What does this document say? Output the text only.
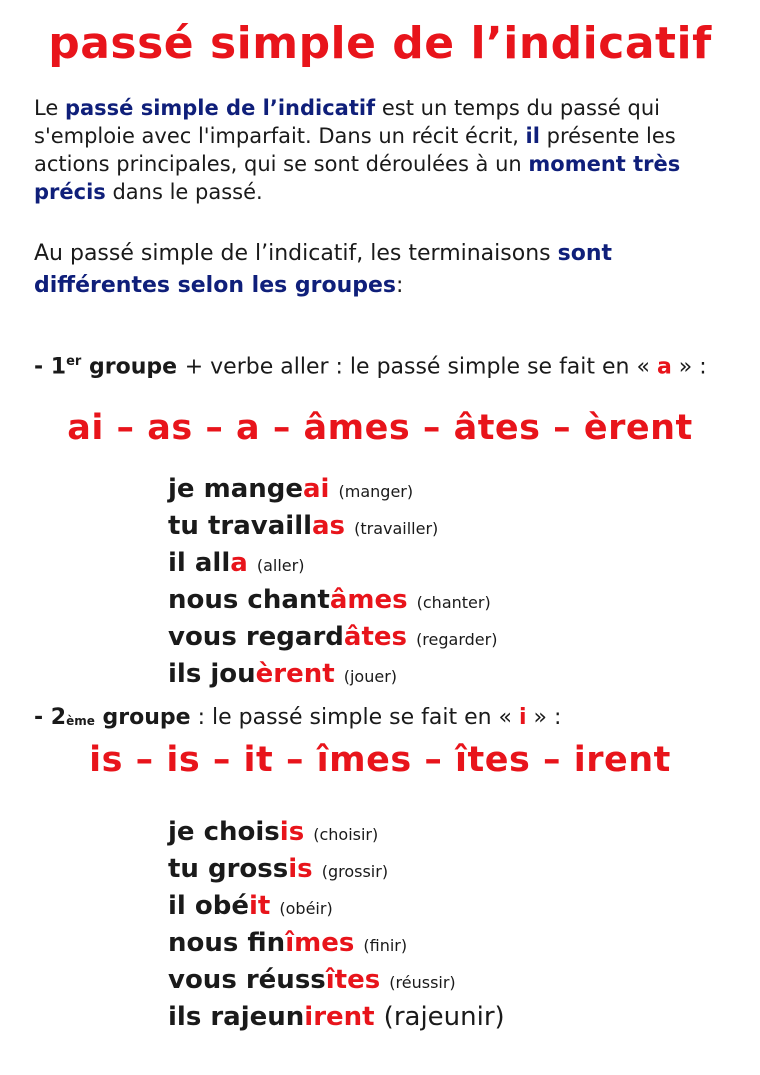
passé simple de l’indicatif
Le passé simple de l’indicatif est un temps du passé qui s'emploie avec l'imparfait. Dans un récit écrit, il présente les actions principales, qui se sont déroulées à un moment très précis dans le passé.
Au passé simple de l’indicatif, les terminaisons sont différentes selon les groupes:
- 1er groupe + verbe aller : le passé simple se fait en « a » :
ai – as – a – âmes – âtes – èrent
je mangeai (manger)
tu travaillas (travailler)
il alla (aller)
nous chantâmes (chanter)
vous regardâtes (regarder)
ils jouèrent (jouer)
- 2ème groupe : le passé simple se fait en « i » :
is – is – it – îmes – îtes – irent
je choisis (choisir)
tu grossis (grossir)
il obéit (obéir)
nous finîmes (finir)
vous réussîtes (réussir)
ils rajeunirent (rajeunir)
